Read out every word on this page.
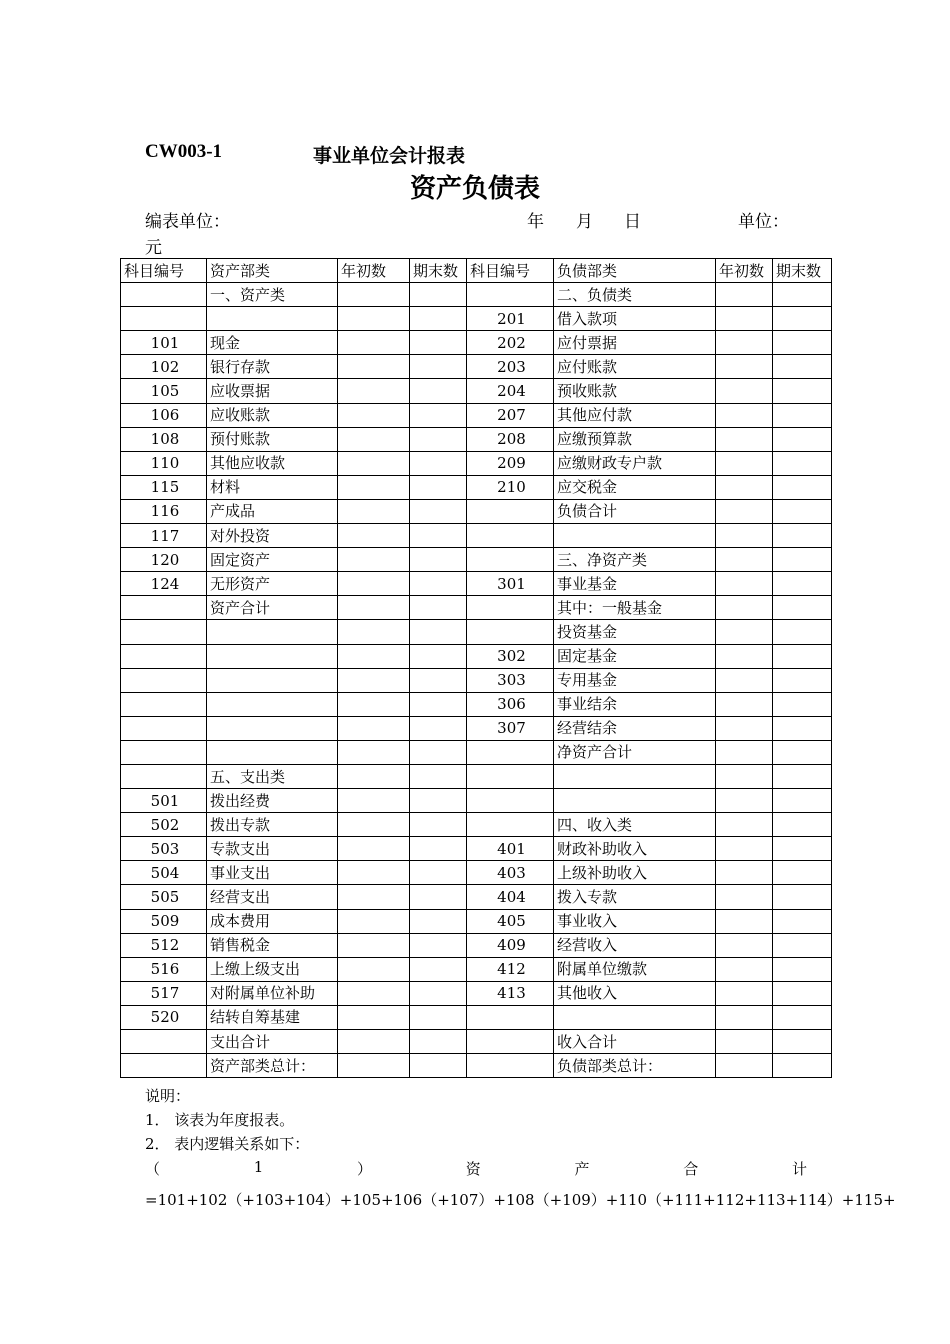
CW003-1	事业单位会计报表
资产负债表
编表单位：	年 月 日	单位：
元
科目编号	资产部类	年初数	期末数	科目编号	负债部类	年初数	期末数
	一、资产类				二、负债类		
				201	借入款项		
101	现金			202	应付票据		
102	银行存款			203	应付账款		
105	应收票据			204	预收账款		
106	应收账款			207	其他应付款		
108	预付账款			208	应缴预算款		
110	其他应收款			209	应缴财政专户款		
115	材料			210	应交税金		
116	产成品				负债合计		
117	对外投资						
120	固定资产				三、净资产类		
124	无形资产			301	事业基金		
	资产合计				其中：一般基金		
					投资基金		
				302	固定基金		
				303	专用基金		
				306	事业结余		
				307	经营结余		
					净资产合计		
	五、支出类						
501	拨出经费						
502	拨出专款				四、收入类		
503	专款支出			401	财政补助收入		
504	事业支出			403	上级补助收入		
505	经营支出			404	拨入专款		
509	成本费用			405	事业收入		
512	销售税金			409	经营收入		
516	上缴上级支出			412	附属单位缴款		
517	对附属单位补助			413	其他收入		
520	结转自筹基建						
	支出合计				收入合计		
	资产部类总计：				负债部类总计：		
说明：
1． 该表为年度报表。
2． 表内逻辑关系如下：
（	1	）	资	产	合	计
=101+102（+103+104）+105+106（+107）+108（+109）+110（+111+112+113+114）+115+
